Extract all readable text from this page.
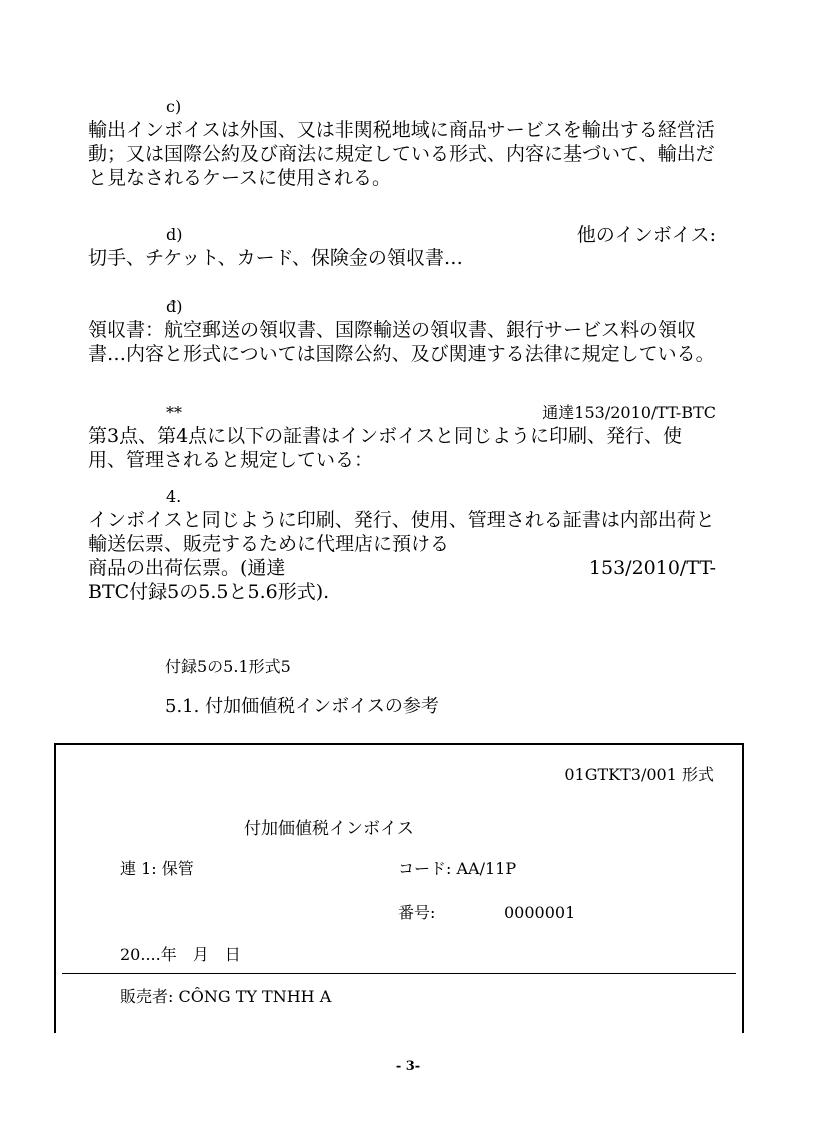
c)

輸出インボイスは外国、又は非関税地域に商品サービスを輸出する経営活動；又は国際公約及び商法に規定している形式、内容に基づいて、輸出だと見なされるケースに使用される。

d)	他のインボイス:

切手、チケット、カード、保険金の領収書…

đ)

領収書：航空郵送の領収書、国際輸送の領収書、銀行サービス料の領収書…内容と形式については国際公約、及び関連する法律に規定している。

**	通達153/2010/TT-BTC

第3点、第4点に以下の証書はインボイスと同じように印刷、発行、使用、管理されると規定している：

4.

インボイスと同じように印刷、発行、使用、管理される証書は内部出荷と輸送伝票、販売するために代理店に預ける

商品の出荷伝票。(通達	153/2010/TT-

BTC付録5の5.5と5.6形式).

付録5の5.1形式5
5.1. 付加価値税インボイスの参考
01GTKT3/001 形式
付加価値税インボイス
連 1: 保管	コード: AA/11P
番号:	0000001
20....年　月　日
販売者: CÔNG TY TNHH A
- 3-
